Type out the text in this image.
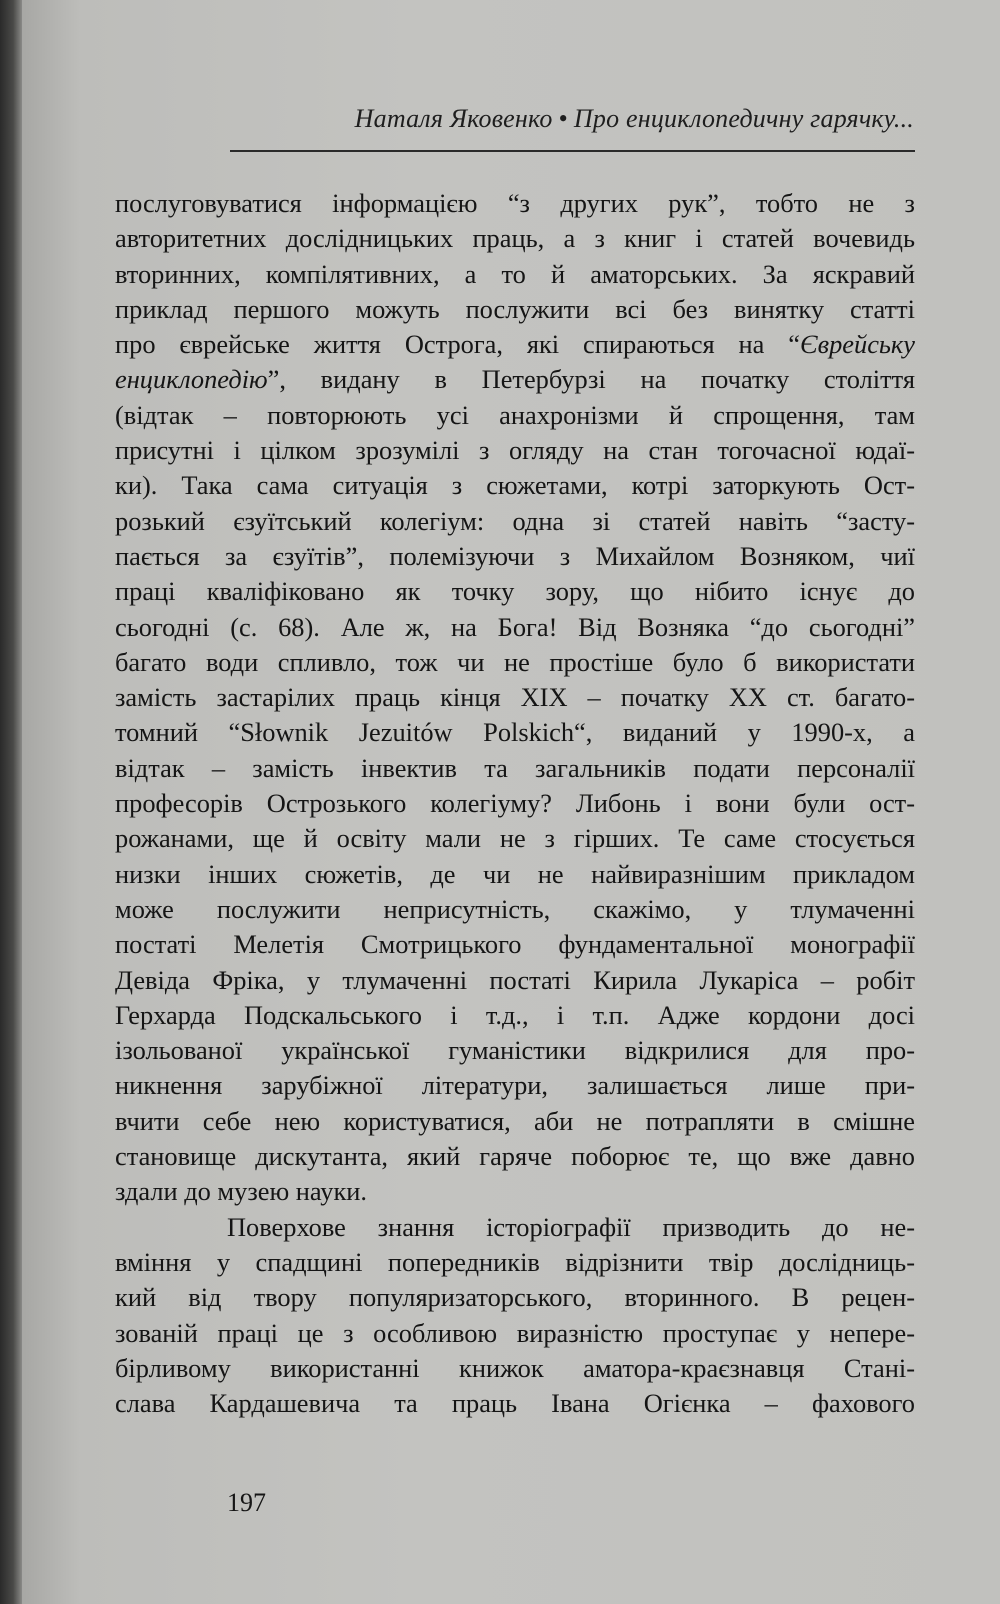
Наталя Яковенко • Про енциклопедичну гарячку...
послуговуватися інформацією “з других рук”, тобто не з
авторитетних дослідницьких праць, а з книг і статей вочевидь
вторинних, компілятивних, а то й аматорських. За яскравий
приклад першого можуть послужити всі без винятку статті
про єврейське життя Острога, які спираються на “Єврейську
енциклопедію”, видану в Петербурзі на початку століття
(відтак – повторюють усі анахронізми й спрощення, там
присутні і цілком зрозумілі з огляду на стан тогочасної юдаї-
ки). Така сама ситуація з сюжетами, котрі заторкують Ост-
розький єзуїтський колегіум: одна зі статей навіть “засту-
пається за єзуїтів”, полемізуючи з Михайлом Возняком, чиї
праці кваліфіковано як точку зору, що нібито існує до
сьогодні (с. 68). Але ж, на Бога! Від Возняка “до сьогодні”
багато води спливло, тож чи не простіше було б використати
замість застарілих праць кінця XIX – початку XX ст. багато-
томний “Słownik Jezuitów Polskich“, виданий у 1990-х, а
відтак – замість інвектив та загальників подати персоналії
професорів Острозького колегіуму? Либонь і вони були ост-
рожанами, ще й освіту мали не з гірших. Те саме стосується
низки інших сюжетів, де чи не найвиразнішим прикладом
може послужити неприсутність, скажімо, у тлумаченні
постаті Мелетія Смотрицького фундаментальної монографії
Девіда Фріка, у тлумаченні постаті Кирила Лукаріса – робіт
Герхарда Подскальського і т.д., і т.п. Адже кордони досі
ізольованої української гуманістики відкрилися для про-
никнення зарубіжної літератури, залишається лише при-
вчити себе нею користуватися, аби не потрапляти в смішне
становище дискутанта, який гаряче поборює те, що вже давно
здали до музею науки.
Поверхове знання історіографії призводить до не-
вміння у спадщині попередників відрізнити твір дослідниць-
кий від твору популяризаторського, вторинного. В рецен-
зованій праці це з особливою виразністю проступає у непере-
бірливому використанні книжок аматора-краєзнавця Стані-
слава Кардашевича та праць Івана Огієнка – фахового
197
